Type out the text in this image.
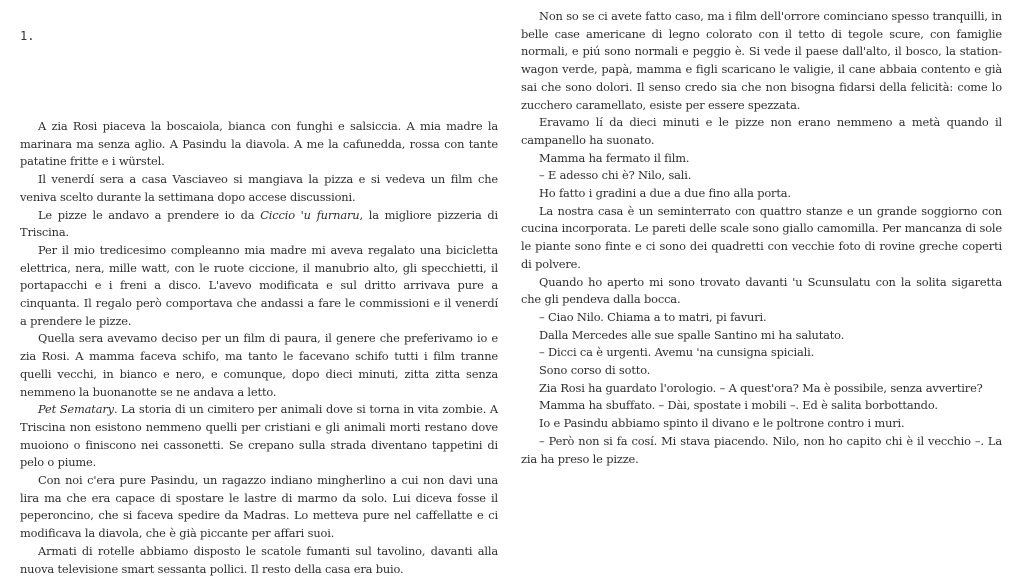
1.

A zia Rosi piaceva la boscaiola, bianca con funghi e salsiccia. A mia madre la marinara ma senza aglio. A Pasindu la diavola. A me la cafunedda, rossa con tante patatine fritte e i würstel.

Il venerdí sera a casa Vasciaveo si mangiava la pizza e si vedeva un film che veniva scelto durante la settimana dopo accese discussioni.

Le pizze le andavo a prendere io da Ciccio 'u furnaru, la migliore pizzeria di Triscina.

Per il mio tredicesimo compleanno mia madre mi aveva regalato una bicicletta elettrica, nera, mille watt, con le ruote ciccione, il manubrio alto, gli specchietti, il portapacchi e i freni a disco. L'avevo modificata e sul dritto arrivava pure a cinquanta. Il regalo però comportava che andassi a fare le commissioni e il venerdí a prendere le pizze.

Quella sera avevamo deciso per un film di paura, il genere che preferivamo io e zia Rosi. A mamma faceva schifo, ma tanto le facevano schifo tutti i film tranne quelli vecchi, in bianco e nero, e comunque, dopo dieci minuti, zitta zitta senza nemmeno la buonanotte se ne andava a letto.

Pet Sematary. La storia di un cimitero per animali dove si torna in vita zombie. A Triscina non esistono nemmeno quelli per cristiani e gli animali morti restano dove muoiono o finiscono nei cassonetti. Se crepano sulla strada diventano tappetini di pelo o piume.

Con noi c'era pure Pasindu, un ragazzo indiano mingherlino a cui non davi una lira ma che era capace di spostare le lastre di marmo da solo. Lui diceva fosse il peperoncino, che si faceva spedire da Madras. Lo metteva pure nel caffellatte e ci modificava la diavola, che è già piccante per affari suoi.

Armati di rotelle abbiamo disposto le scatole fumanti sul tavolino, davanti alla nuova televisione smart sessanta pollici. Il resto della casa era buio.

Non so se ci avete fatto caso, ma i film dell'orrore cominciano spesso tranquilli, in belle case americane di legno colorato con il tetto di tegole scure, con famiglie normali, e piú sono normali e peggio è. Si vede il paese dall'alto, il bosco, la station-wagon verde, papà, mamma e figli scaricano le valigie, il cane abbaia contento e già sai che sono dolori. Il senso credo sia che non bisogna fidarsi della felicità: come lo zucchero caramellato, esiste per essere spezzata.

Eravamo lí da dieci minuti e le pizze non erano nemmeno a metà quando il campanello ha suonato.

Mamma ha fermato il film.

– E adesso chi è? Nilo, sali.

Ho fatto i gradini a due a due fino alla porta.

La nostra casa è un seminterrato con quattro stanze e un grande soggiorno con cucina incorporata. Le pareti delle scale sono giallo camomilla. Per mancanza di sole le piante sono finte e ci sono dei quadretti con vecchie foto di rovine greche coperti di polvere.

Quando ho aperto mi sono trovato davanti 'u Scunsulatu con la solita sigaretta che gli pendeva dalla bocca.

– Ciao Nilo. Chiama a to matri, pi favuri.

Dalla Mercedes alle sue spalle Santino mi ha salutato.

– Dicci ca è urgenti. Avemu 'na cunsigna spiciali.

Sono corso di sotto.

Zia Rosi ha guardato l'orologio. – A quest'ora? Ma è possibile, senza avvertire?

Mamma ha sbuffato. – Dài, spostate i mobili –. Ed è salita borbottando.

Io e Pasindu abbiamo spinto il divano e le poltrone contro i muri.

– Però non si fa cosí. Mi stava piacendo. Nilo, non ho capito chi è il vecchio –. La zia ha preso le pizze.
